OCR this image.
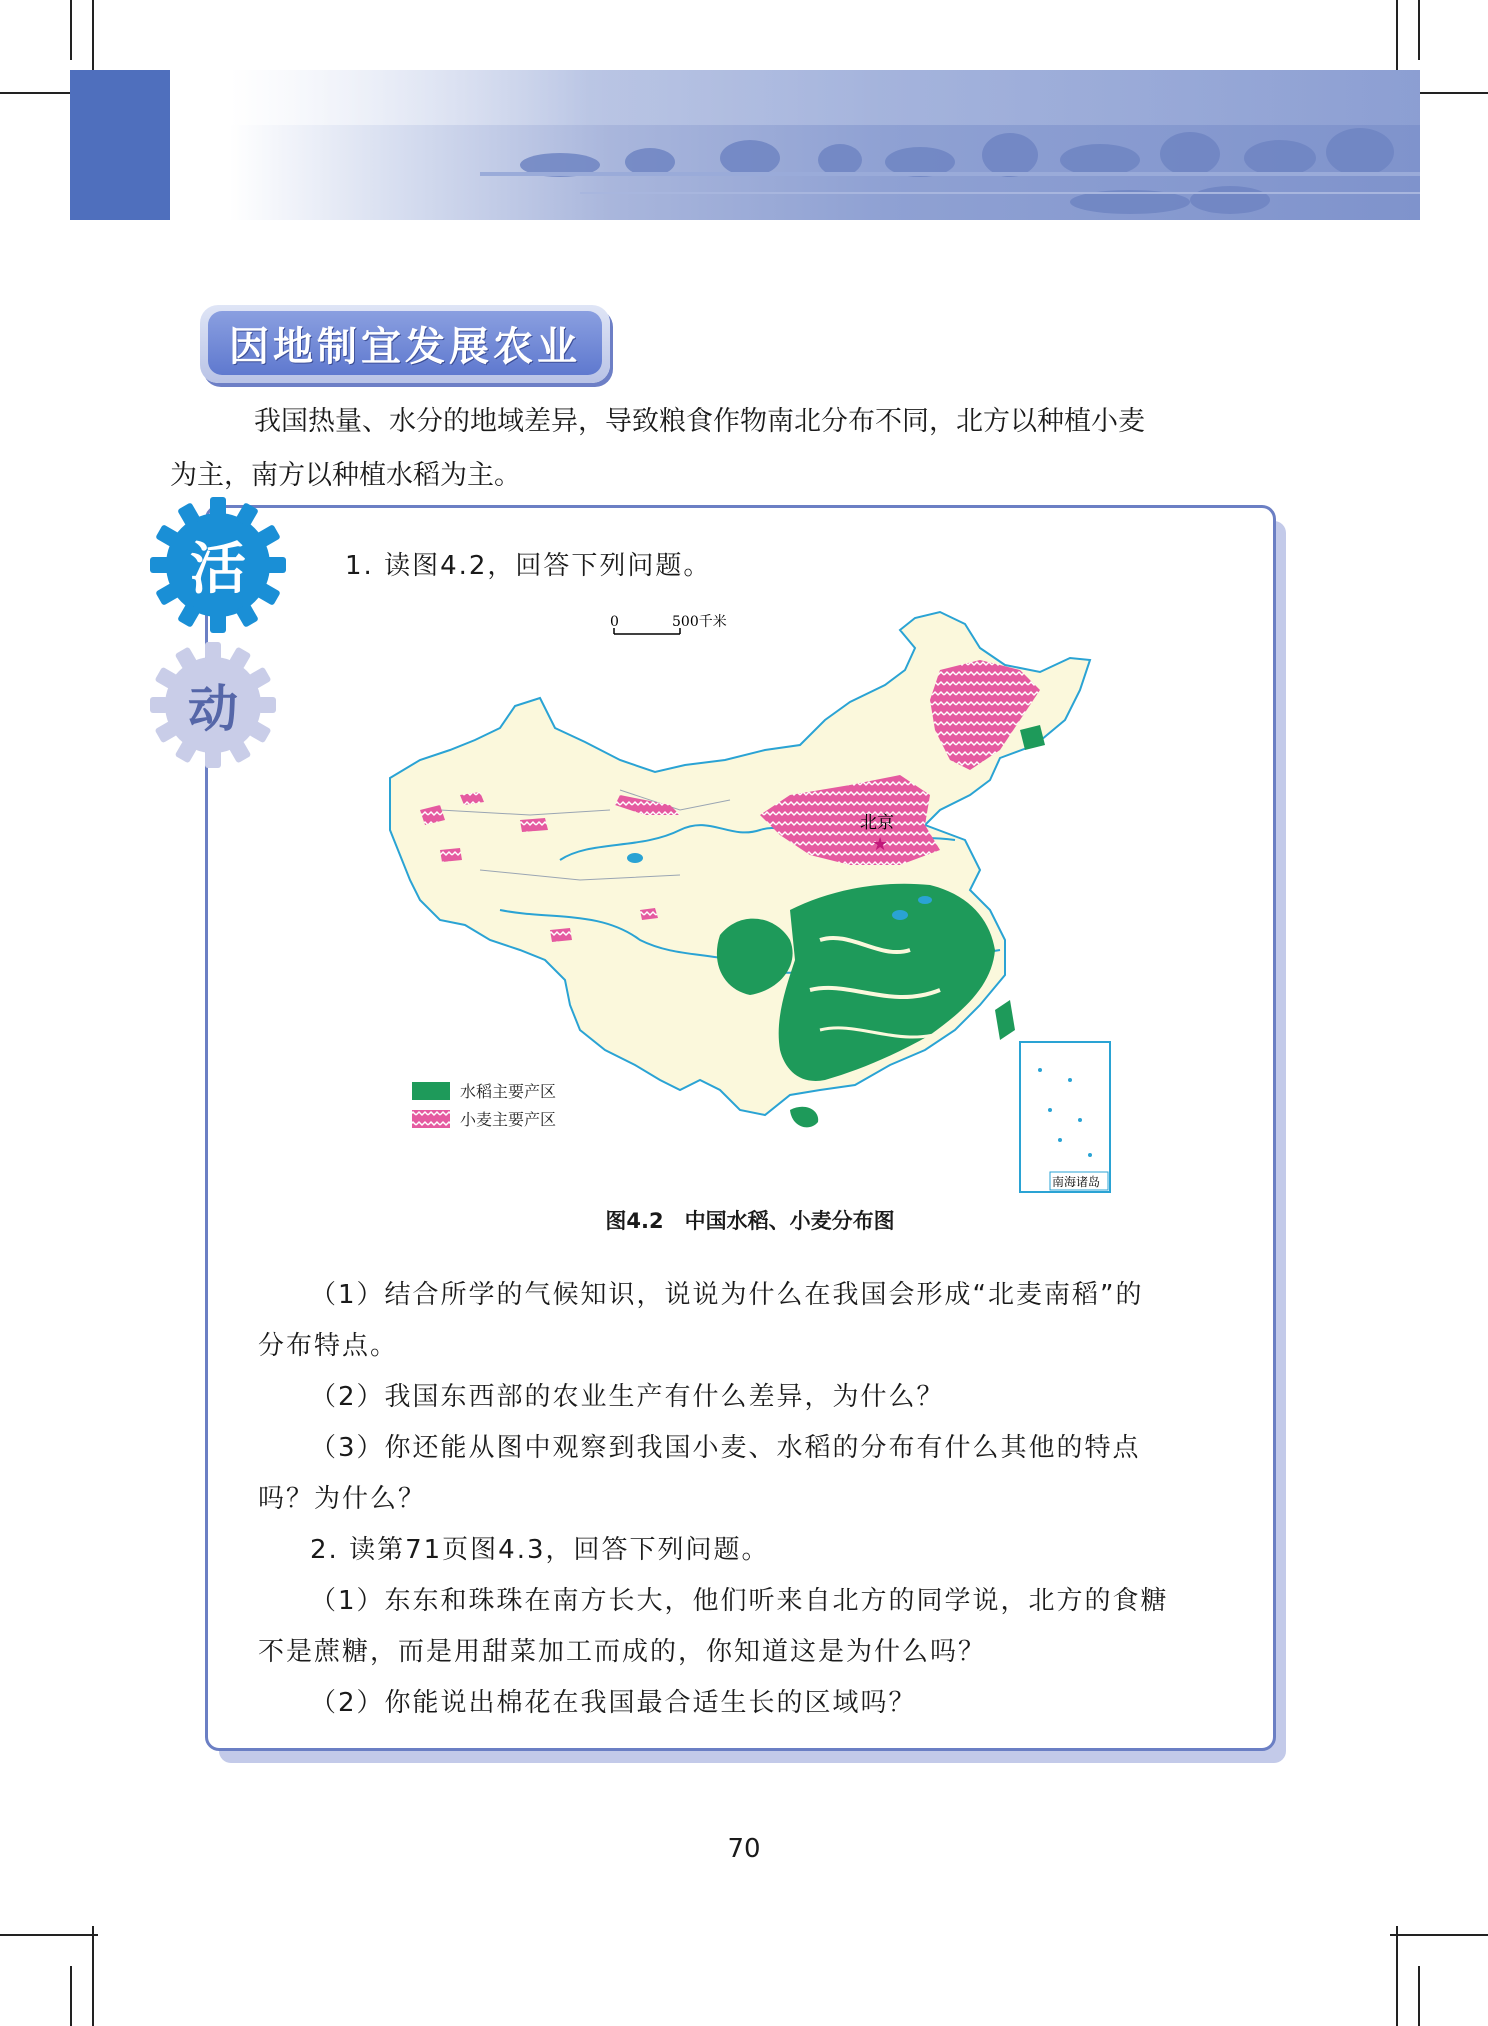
因地制宜发展农业

我国热量、水分的地域差异，导致粮食作物南北分布不同，北方以种植小麦

为主，南方以种植水稻为主。

活
动
1. 读图4.2，回答下列问题。
北京
★
0	500千米
水稻主要产区
小麦主要产区
南海诸岛
图4.2　中国水稻、小麦分布图

（1）结合所学的气候知识，说说为什么在我国会形成“北麦南稻”的

分布特点。

（2）我国东西部的农业生产有什么差异，为什么？

（3）你还能从图中观察到我国小麦、水稻的分布有什么其他的特点

吗？为什么？

2. 读第71页图4.3，回答下列问题。

（1）东东和珠珠在南方长大，他们听来自北方的同学说，北方的食糖

不是蔗糖，而是用甜菜加工而成的，你知道这是为什么吗？

（2）你能说出棉花在我国最合适生长的区域吗？

70
